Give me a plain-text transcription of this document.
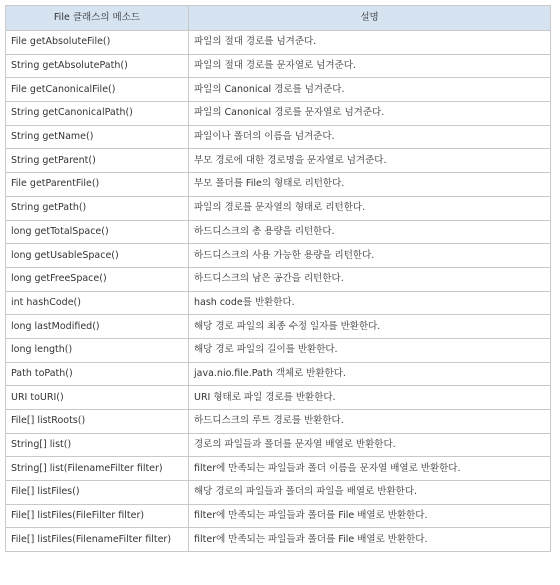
File 클래스의 메소드	설명
File getAbsoluteFile()	파일의 절대 경로를 넘겨준다.
String getAbsolutePath()	파일의 절대 경로를 문자열로 넘겨준다.
File getCanonicalFile()	파일의 Canonical 경로를 넘겨준다.
String getCanonicalPath()	파일의 Canonical 경로를 문자열로 넘겨준다.
String getName()	파일이나 폴더의 이름을 넘겨준다.
String getParent()	부모 경로에 대한 경로명을 문자열로 넘겨준다.
File getParentFile()	부모 폴더를 File의 형태로 리턴한다.
String getPath()	파일의 경로를 문자열의 형태로 리턴한다.
long getTotalSpace()	하드디스크의 총 용량을 리턴한다.
long getUsableSpace()	하드디스크의 사용 가능한 용량을 리턴한다.
long getFreeSpace()	하드디스크의 남은 공간을 리턴한다.
int hashCode()	hash code를 반환한다.
long lastModified()	해당 경로 파일의 최종 수정 일자를 반환한다.
long length()	해당 경로 파일의 길이를 반환한다.
Path toPath()	java.nio.file.Path 객체로 반환한다.
URI toURI()	URI 형태로 파일 경로를 반환한다.
File[] listRoots()	하드디스크의 루트 경로를 반환한다.
String[] list()	경로의 파일들과 폴더를 문자열 배열로 반환한다.
String[] list(FilenameFilter filter)	filter에 만족되는 파일들과 폴더 이름을 문자열 배열로 반환한다.
File[] listFiles()	해당 경로의 파일들과 폴더의 파일을 배열로 반환한다.
File[] listFiles(FileFilter filter)	filter에 만족되는 파일들과 폴더를 File 배열로 반환한다.
File[] listFiles(FilenameFilter filter)	filter에 만족되는 파일들과 폴더를 File 배열로 반환한다.
